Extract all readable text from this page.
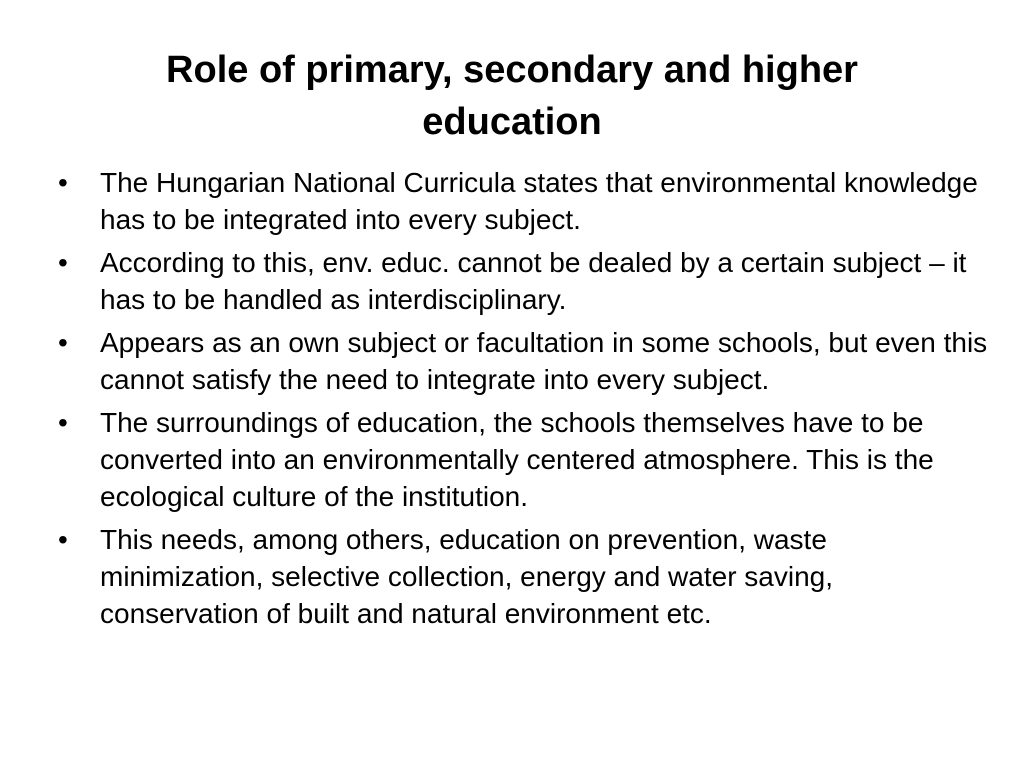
Role of primary, secondary and higher education
•	The Hungarian National Curricula states that environmental knowledge has to be integrated into every subject.
•	According to this, env. educ. cannot be dealed by a certain subject – it has to be handled as interdisciplinary.
•	Appears as an own subject or facultation in some schools, but even this cannot satisfy the need to integrate into every subject.
•	The surroundings of education, the schools themselves have to be converted into an environmentally centered atmosphere. This is the ecological culture of the institution.
•	This needs, among others, education on prevention, waste minimization, selective collection, energy and water saving, conservation of built and natural environment etc.
